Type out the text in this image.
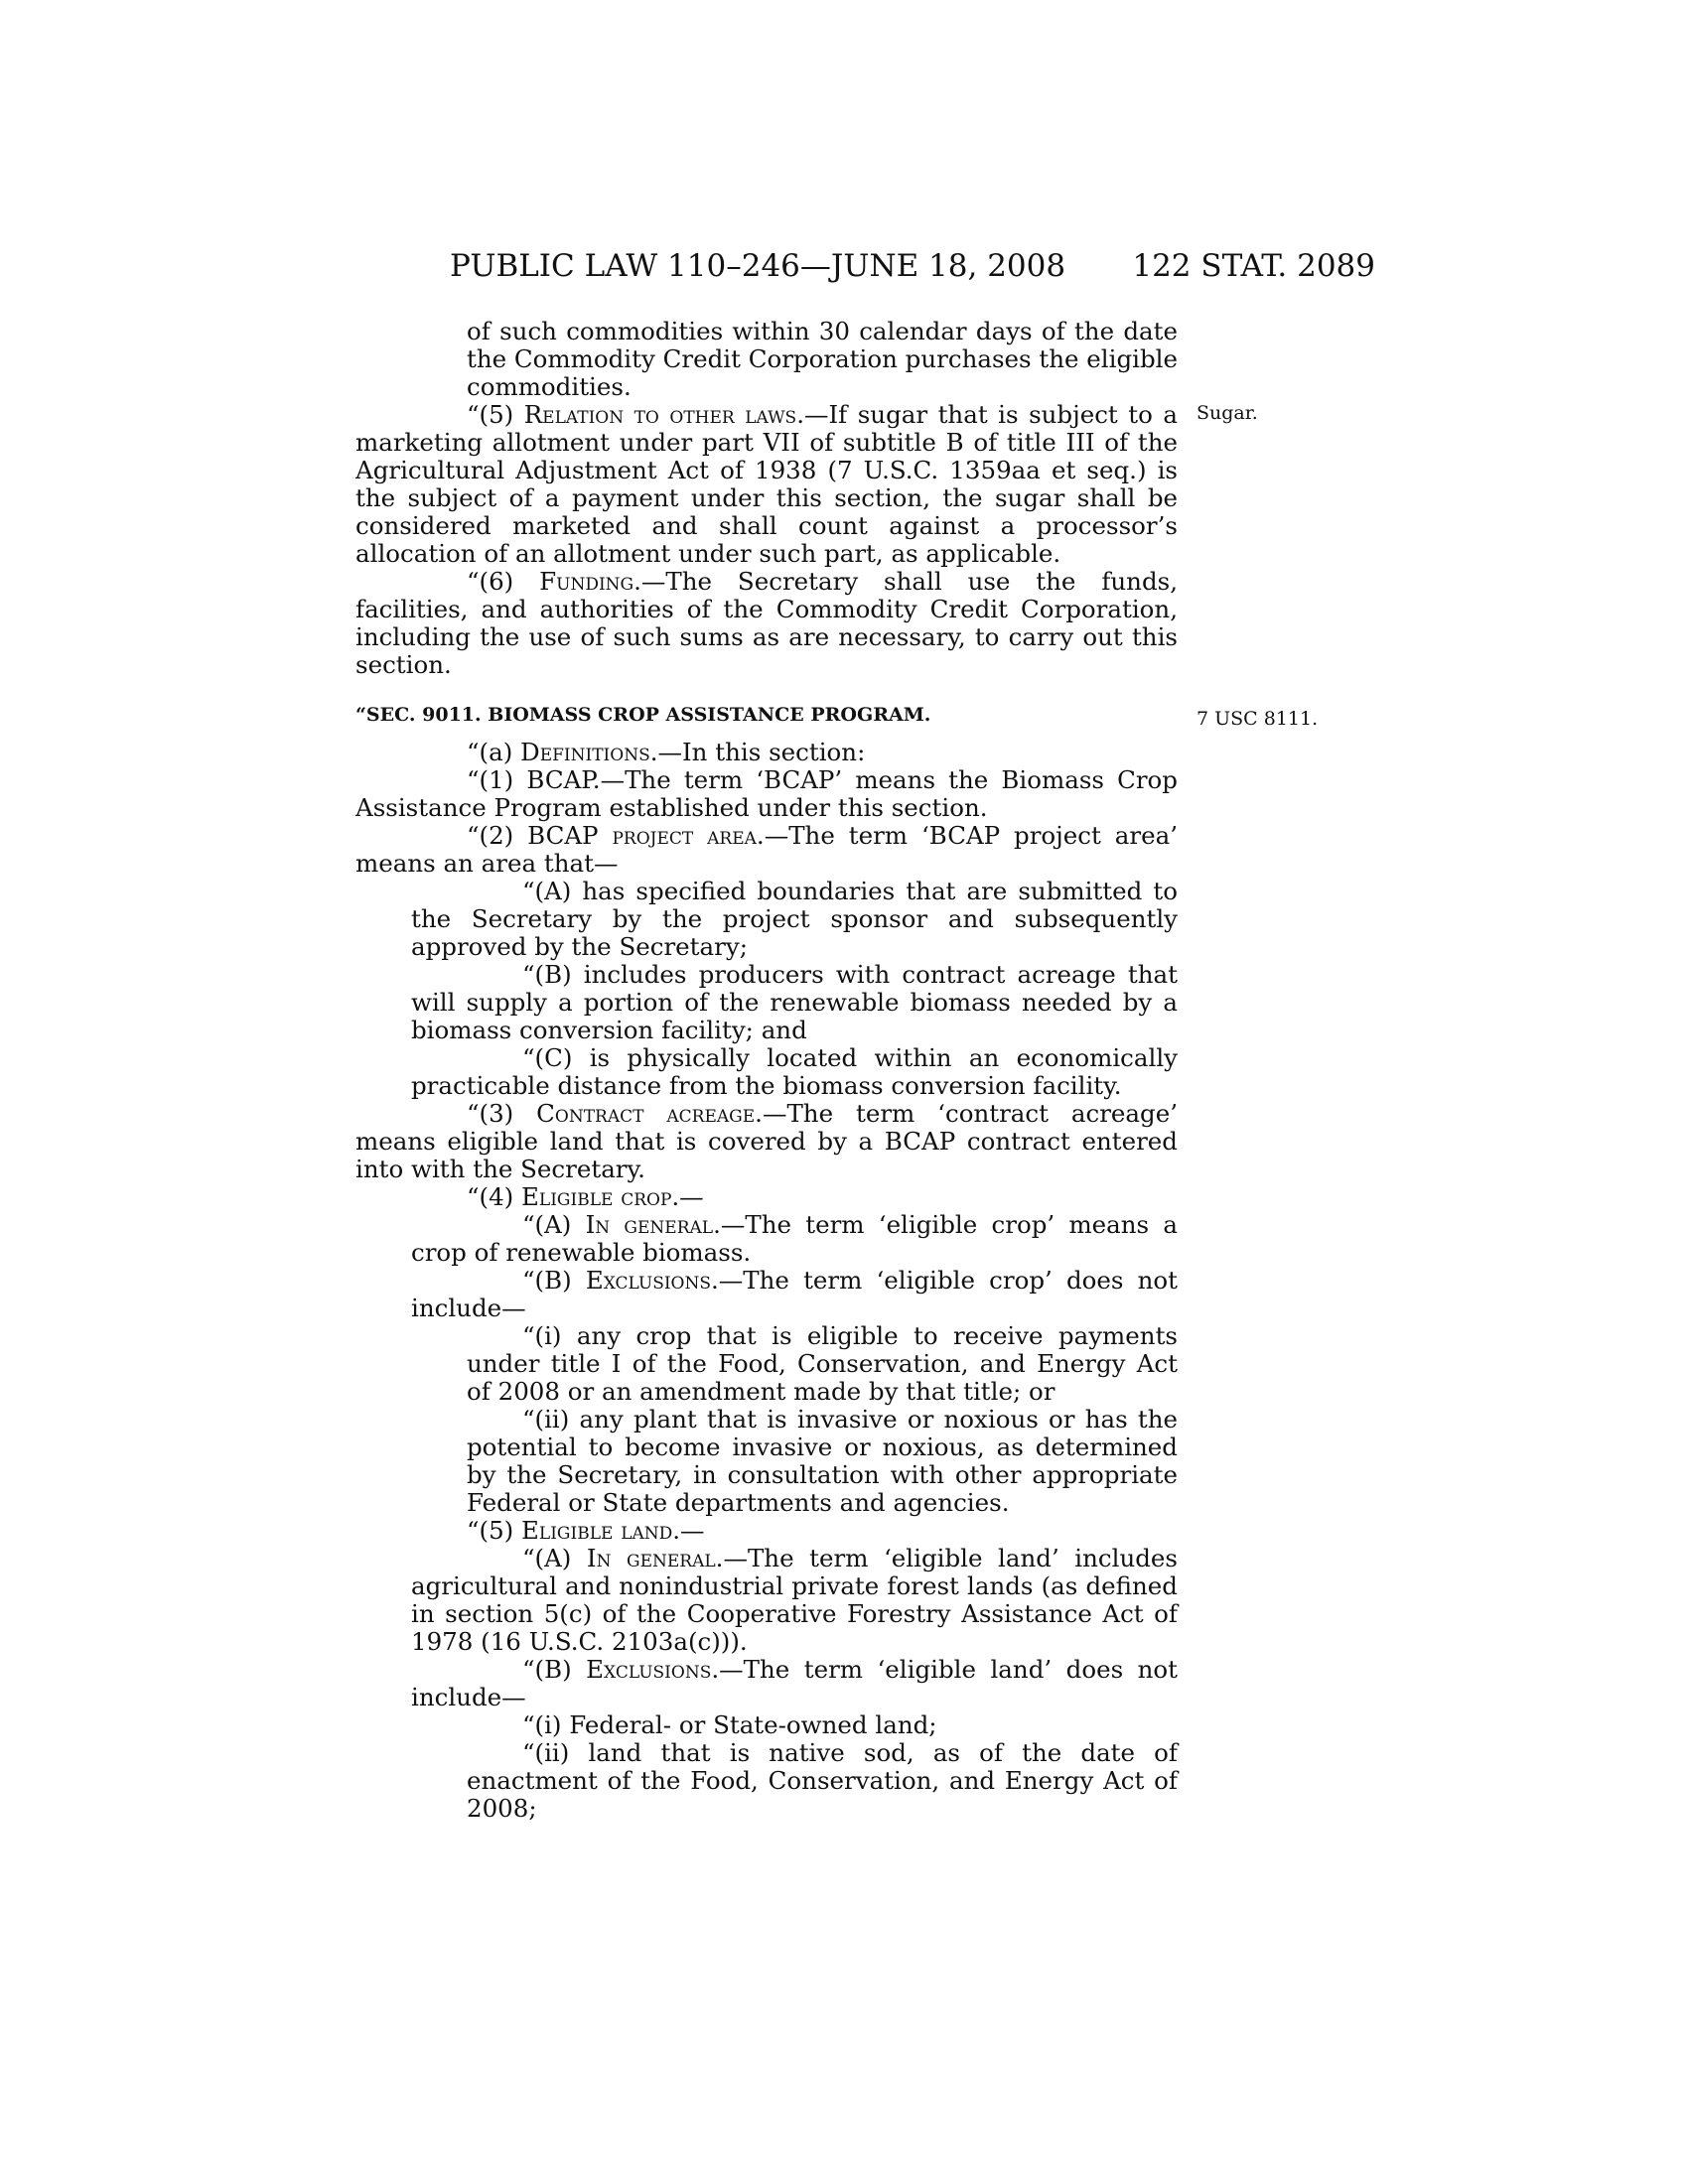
PUBLIC LAW 110–246—JUNE 18, 2008 122 STAT. 2089
Sugar.
7 USC 8111.

of such commodities within 30 calendar days of the date the Commodity Credit Corporation purchases the eligible commodities.

“(5) Relation to other laws.—If sugar that is subject to a marketing allotment under part VII of subtitle B of title III of the Agricultural Adjustment Act of 1938 (7 U.S.C. 1359aa et seq.) is the subject of a payment under this section, the sugar shall be considered marketed and shall count against a processor’s allocation of an allotment under such part, as applicable.

“(6) Funding.—The Secretary shall use the funds, facilities, and authorities of the Commodity Credit Corporation, including the use of such sums as are necessary, to carry out this section.

“SEC. 9011. BIOMASS CROP ASSISTANCE PROGRAM.

“(a) Definitions.—In this section:

“(1) BCAP.—The term ‘BCAP’ means the Biomass Crop Assistance Program established under this section.

“(2) BCAP project area.—The term ‘BCAP project area’ means an area that—

“(A) has specified boundaries that are submitted to the Secretary by the project sponsor and subsequently approved by the Secretary;

“(B) includes producers with contract acreage that will supply a portion of the renewable biomass needed by a biomass conversion facility; and

“(C) is physically located within an economically practicable distance from the biomass conversion facility.

“(3) Contract acreage.—The term ‘contract acreage’ means eligible land that is covered by a BCAP contract entered into with the Secretary.

“(4) Eligible crop.—

“(A) In general.—The term ‘eligible crop’ means a crop of renewable biomass.

“(B) Exclusions.—The term ‘eligible crop’ does not include—

“(i) any crop that is eligible to receive payments under title I of the Food, Conservation, and Energy Act of 2008 or an amendment made by that title; or

“(ii) any plant that is invasive or noxious or has the potential to become invasive or noxious, as determined by the Secretary, in consultation with other appropriate Federal or State departments and agencies.

“(5) Eligible land.—

“(A) In general.—The term ‘eligible land’ includes agricultural and nonindustrial private forest lands (as defined in section 5(c) of the Cooperative Forestry Assistance Act of 1978 (16 U.S.C. 2103a(c))).

“(B) Exclusions.—The term ‘eligible land’ does not include—

“(i) Federal- or State-owned land;

“(ii) land that is native sod, as of the date of enactment of the Food, Conservation, and Energy Act of 2008;
